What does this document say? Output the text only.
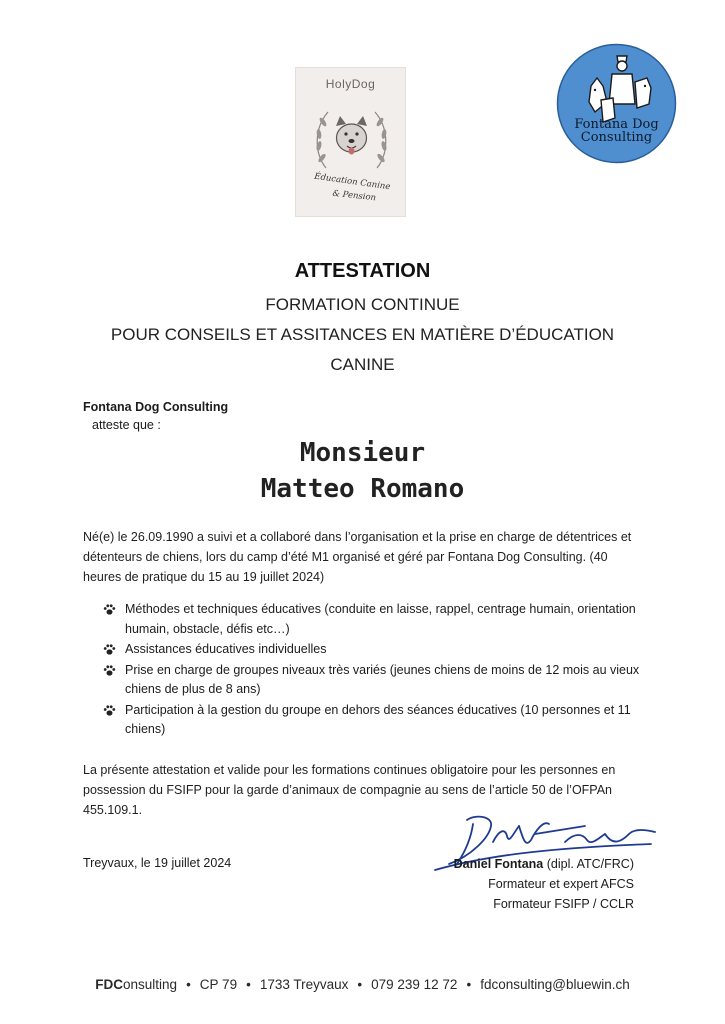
HolyDog
Éducation Canine
& Pension
Fontana Dog
Consulting
ATTESTATION
FORMATION CONTINUE
POUR CONSEILS ET ASSITANCES EN MATIÈRE D’ÉDUCATION
CANINE
Fontana Dog Consulting
atteste que :
Monsieur
Matteo Romano
Né(e) le 26.09.1990 a suivi et a collaboré dans l’organisation et la prise en charge de détentrices et détenteurs de chiens, lors du camp d’été M1 organisé et géré par Fontana Dog Consulting. (40 heures de pratique du 15 au 19 juillet 2024)
Méthodes et techniques éducatives (conduite en laisse, rappel, centrage humain, orientation humain, obstacle, défis etc…)
Assistances éducatives individuelles
Prise en charge de groupes niveaux très variés (jeunes chiens de moins de 12 mois au vieux chiens de plus de 8 ans)
Participation à la gestion du groupe en dehors des séances éducatives (10 personnes et 11 chiens)
La présente attestation et valide pour les formations continues obligatoire pour les personnes en possession du FSIFP pour la garde d’animaux de compagnie au sens de l’article 50 de l’OFPAn 455.109.1.
Treyvaux, le 19 juillet 2024	Daniel Fontana (dipl. ATC/FRC)
Formateur et expert AFCS
Formateur FSIFP / CCLR
FDConsulting • CP 79 • 1733 Treyvaux • 079 239 12 72 • fdconsulting@bluewin.ch
